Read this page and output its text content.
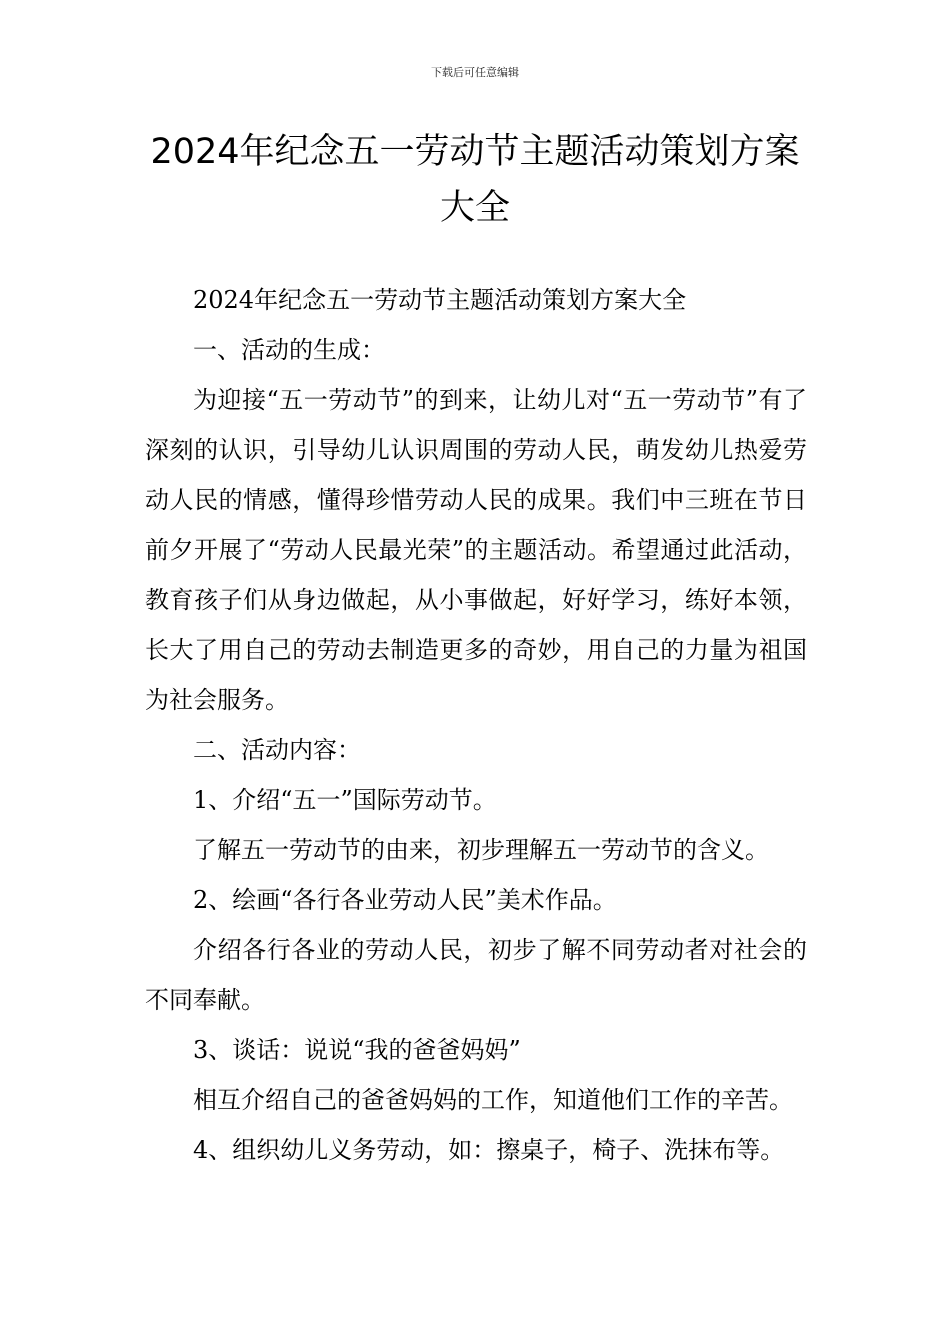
下载后可任意编辑
2024年纪念五一劳动节主题活动策划方案大全

2024年纪念五一劳动节主题活动策划方案大全

一、活动的生成：

为迎接“五一劳动节”的到来，让幼儿对“五一劳动节”有了深刻的认识，引导幼儿认识周围的劳动人民，萌发幼儿热爱劳动人民的情感，懂得珍惜劳动人民的成果。我们中三班在节日前夕开展了“劳动人民最光荣”的主题活动。希望通过此活动，教育孩子们从身边做起，从小事做起，好好学习，练好本领，长大了用自己的劳动去制造更多的奇妙，用自己的力量为祖国为社会服务。

二、活动内容：

1、介绍“五一”国际劳动节。

了解五一劳动节的由来，初步理解五一劳动节的含义。

2、绘画“各行各业劳动人民”美术作品。

介绍各行各业的劳动人民，初步了解不同劳动者对社会的不同奉献。

3、谈话：说说“我的爸爸妈妈”

相互介绍自己的爸爸妈妈的工作，知道他们工作的辛苦。

4、组织幼儿义务劳动，如：擦桌子，椅子、洗抹布等。
